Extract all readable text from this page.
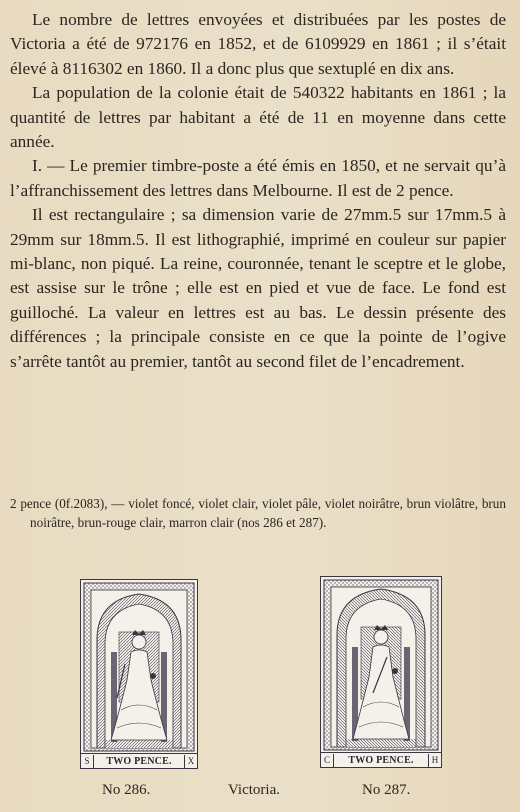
Le nombre de lettres envoyées et distribuées par les postes de Victoria a été de 972176 en 1852, et de 6109929 en 1861 ; il s’était élevé à 8116302 en 1860. Il a donc plus que sextuplé en dix ans.

La population de la colonie était de 540322 habitants en 1861 ; la quantité de lettres par habitant a été de 11 en moyenne dans cette année.

I. — Le premier timbre-poste a été émis en 1850, et ne servait qu’à l’affranchissement des lettres dans Melbourne. Il est de 2 pence.

Il est rectangulaire ; sa dimension varie de 27mm.5 sur 17mm.5 à 29mm sur 18mm.5. Il est lithographié, imprimé en couleur sur papier mi-blanc, non piqué. La reine, couronnée, tenant le sceptre et le globe, est assise sur le trône ; elle est en pied et vue de face. Le fond est guilloché. La valeur en lettres est au bas. Le dessin présente des différences ; la principale consiste en ce que la pointe de l’ogive s’arrête tantôt au premier, tantôt au second filet de l’encadrement.

2 pence (0f.2083), — violet foncé, violet clair, violet pâle, violet noirâtre, brun violâtre, brun noirâtre, brun-rouge clair, marron clair (nos 286 et 287).

S	TWO PENCE.	X	C	TWO PENCE.	H
No 286.	Victoria.	No 287.
